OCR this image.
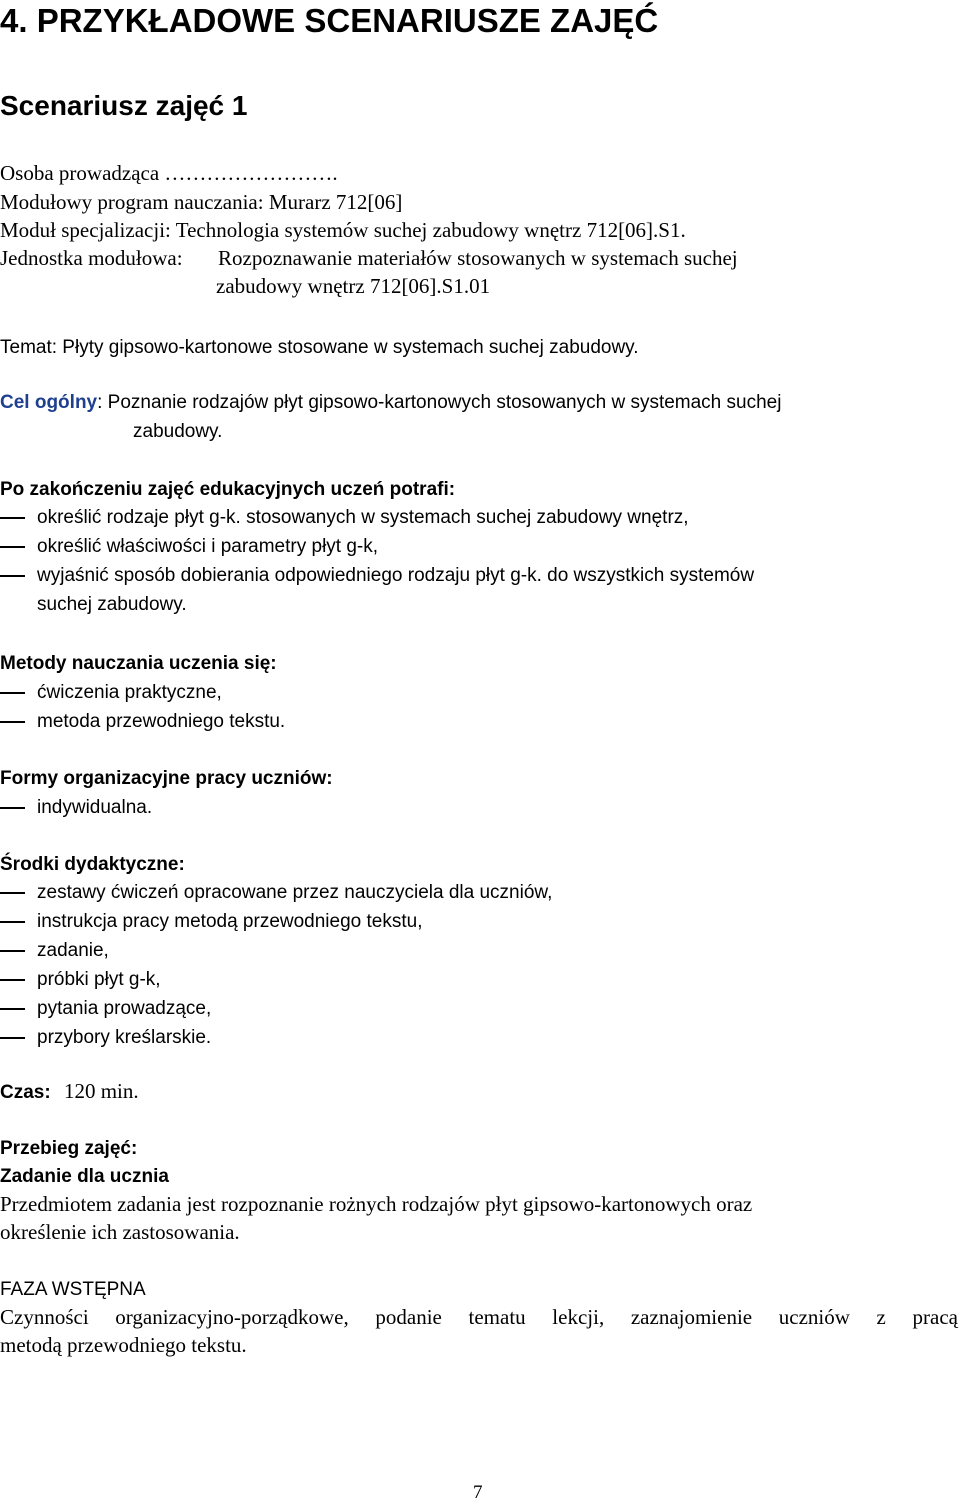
4. PRZYKŁADOWE SCENARIUSZE ZAJĘĆ
Scenariusz zajęć 1
Osoba prowadząca …………………….
Modułowy program nauczania: Murarz 712[06]
Moduł specjalizacji: Technologia systemów suchej zabudowy wnętrz 712[06].S1.
Jednostka modułowa: Rozpoznawanie materiałów stosowanych w systemach suchej
zabudowy wnętrz 712[06].S1.01
Temat: Płyty gipsowo-kartonowe stosowane w systemach suchej zabudowy.
Cel ogólny: Poznanie rodzajów płyt gipsowo-kartonowych stosowanych w systemach suchej
zabudowy.
Po zakończeniu zajęć edukacyjnych uczeń potrafi:
określić rodzaje płyt g-k. stosowanych w systemach suchej zabudowy wnętrz,
określić właściwości i parametry płyt g-k,
wyjaśnić sposób dobierania odpowiedniego rodzaju płyt g-k. do wszystkich systemów
suchej zabudowy.
Metody nauczania uczenia się:
ćwiczenia praktyczne,
metoda przewodniego tekstu.
Formy organizacyjne pracy uczniów:
indywidualna.
Środki dydaktyczne:
zestawy ćwiczeń opracowane przez nauczyciela dla uczniów,
instrukcja pracy metodą przewodniego tekstu,
zadanie,
próbki płyt g-k,
pytania prowadzące,
przybory kreślarskie.
Czas: 120 min.
Przebieg zajęć:
Zadanie dla ucznia
Przedmiotem zadania jest rozpoznanie rożnych rodzajów płyt gipsowo-kartonowych oraz
określenie ich zastosowania.
FAZA WSTĘPNA
Czynności organizacyjno-porządkowe, podanie tematu lekcji, zaznajomienie uczniów z pracą
metodą przewodniego tekstu.
7
